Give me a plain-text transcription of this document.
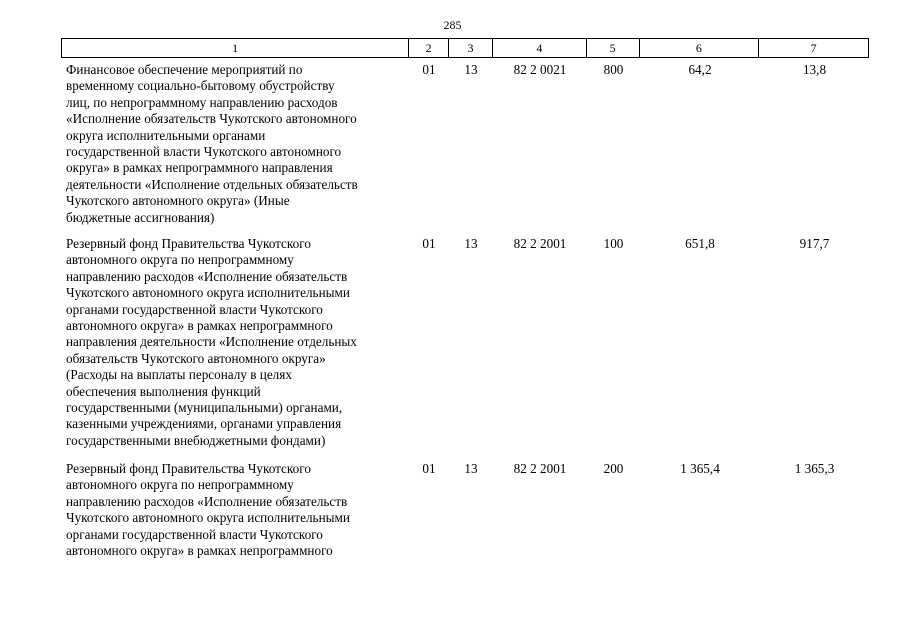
285
1	2	3	4	5	6	7
Финансовое обеспечение мероприятий по
временному социально-бытовому обустройству
лиц, по непрограммному направлению расходов
«Исполнение обязательств Чукотского автономного
округа исполнительными органами
государственной власти Чукотского автономного
округа» в рамках непрограммного направления
деятельности «Исполнение отдельных обязательств
Чукотского автономного округа» (Иные
бюджетные ассигнования)
01	13	82 2 0021	800	64,2	13,8
Резервный фонд Правительства Чукотского
автономного округа по непрограммному
направлению расходов «Исполнение обязательств
Чукотского автономного округа исполнительными
органами государственной власти Чукотского
автономного округа» в рамках непрограммного
направления деятельности «Исполнение отдельных
обязательств Чукотского автономного округа»
(Расходы на выплаты персоналу в целях
обеспечения выполнения функций
государственными (муниципальными) органами,
казенными учреждениями, органами управления
государственными внебюджетными фондами)
01	13	82 2 2001	100	651,8	917,7
Резервный фонд Правительства Чукотского
автономного округа по непрограммному
направлению расходов «Исполнение обязательств
Чукотского автономного округа исполнительными
органами государственной власти Чукотского
автономного округа» в рамках непрограммного
01	13	82 2 2001	200	1 365,4	1 365,3
